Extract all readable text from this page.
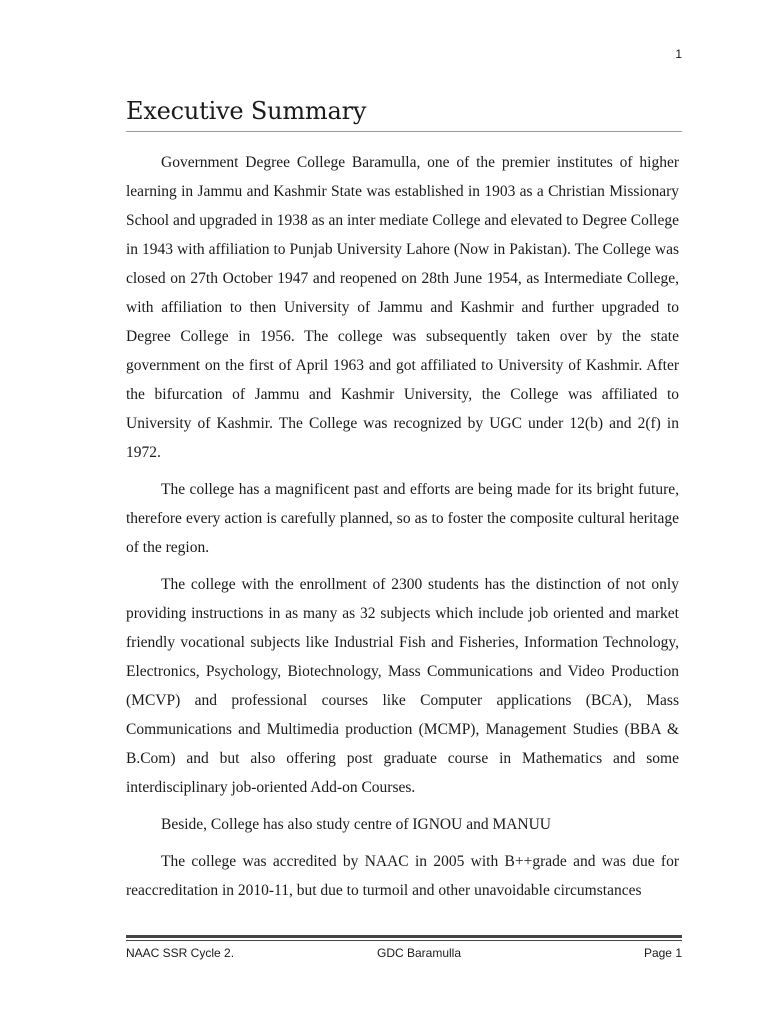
1
Executive Summary

Government Degree College Baramulla, one of the premier institutes of higher learning in Jammu and Kashmir State was established in 1903 as a Christian Missionary School and upgraded in 1938 as an inter mediate College and elevated to Degree College in 1943 with affiliation to Punjab University Lahore (Now in Pakistan). The College was closed on 27th October 1947 and reopened on 28th June 1954, as Intermediate College, with affiliation to then University of Jammu and Kashmir and further upgraded to Degree College in 1956. The college was subsequently taken over by the state government on the first of April 1963 and got affiliated to University of Kashmir. After the bifurcation of Jammu and Kashmir University, the College was affiliated to University of Kashmir. The College was recognized by UGC under 12(b) and 2(f) in 1972.

The college has a magnificent past and efforts are being made for its bright future, therefore every action is carefully planned, so as to foster the composite cultural heritage of the region.

The college with the enrollment of 2300 students has the distinction of not only providing instructions in as many as 32 subjects which include job oriented and market friendly vocational subjects like Industrial Fish and Fisheries, Information Technology, Electronics, Psychology, Biotechnology, Mass Communications and Video Production (MCVP) and professional courses like Computer applications (BCA), Mass Communications and Multimedia production (MCMP), Management Studies (BBA & B.Com) and but also offering post graduate course in Mathematics and some interdisciplinary job-oriented Add-on Courses.

Beside, College has also study centre of IGNOU and MANUU

The college was accredited by NAAC in 2005 with B++grade and was due for reaccreditation in 2010-11, but due to turmoil and other unavoidable circumstances

NAAC SSR Cycle 2.	GDC Baramulla	Page 1
